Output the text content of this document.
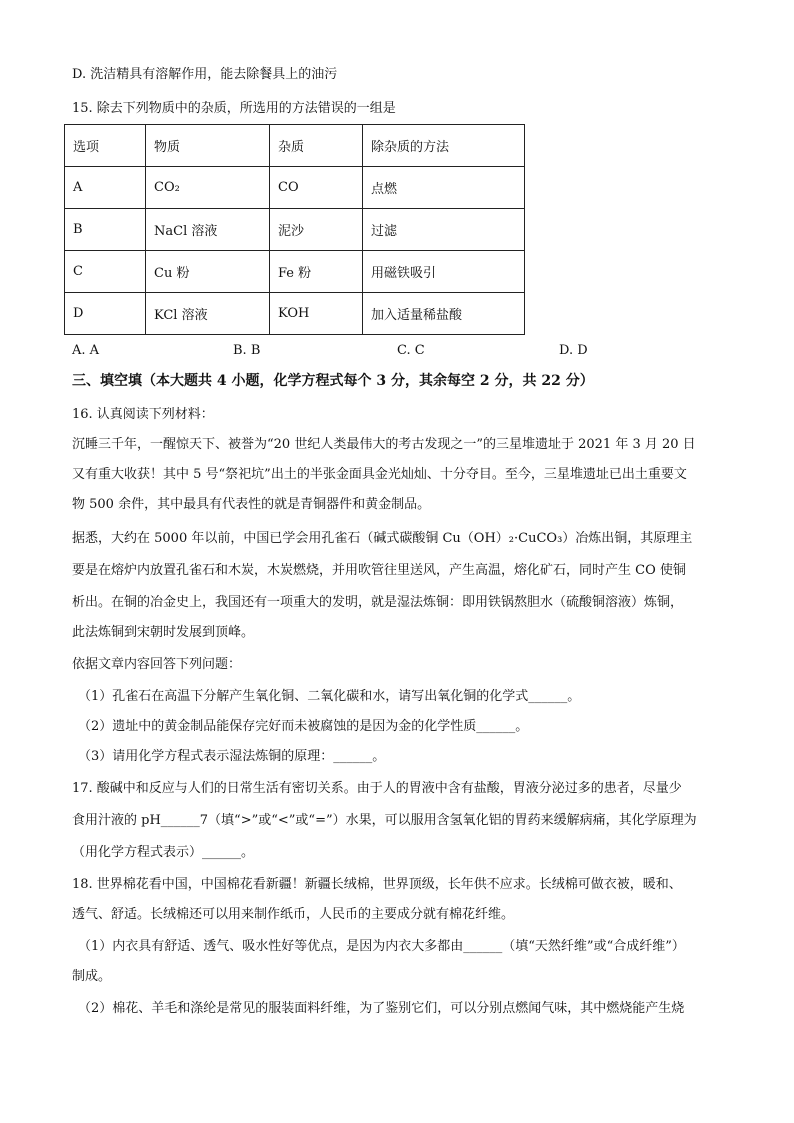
D. 洗洁精具有溶解作用，能去除餐具上的油污
15. 除去下列物质中的杂质，所选用的方法错误的一组是
选项	物质	杂质	除杂质的方法
A	CO₂	CO	点燃
B	NaCl 溶液	泥沙	过滤
C	Cu 粉	Fe 粉	用磁铁吸引
D	KCl 溶液	KOH	加入适量稀盐酸
A. A	B. B	C. C	D. D
三、填空填（本大题共 4 小题，化学方程式每个 3 分，其余每空 2 分，共 22 分）
16. 认真阅读下列材料：
沉睡三千年，一醒惊天下、被誉为“20 世纪人类最伟大的考古发现之一”的三星堆遗址于 2021 年 3 月 20 日
又有重大收获！其中 5 号“祭祀坑”出土的半张金面具金光灿灿、十分夺目。至今，三星堆遗址已出土重要文
物 500 余件，其中最具有代表性的就是青铜器件和黄金制品。
据悉，大约在 5000 年以前，中国已学会用孔雀石（碱式碳酸铜 Cu（OH）₂·CuCO₃）冶炼出铜，其原理主
要是在熔炉内放置孔雀石和木炭，木炭燃烧，并用吹管往里送风，产生高温，熔化矿石，同时产生 CO 使铜
析出。在铜的冶金史上，我国还有一项重大的发明，就是湿法炼铜：即用铁锅熬胆水（硫酸铜溶液）炼铜，
此法炼铜到宋朝时发展到顶峰。
依据文章内容回答下列问题：
（1）孔雀石在高温下分解产生氧化铜、二氧化碳和水，请写出氧化铜的化学式______。
（2）遗址中的黄金制品能保存完好而未被腐蚀的是因为金的化学性质______。
（3）请用化学方程式表示湿法炼铜的原理：______。
17. 酸碱中和反应与人们的日常生活有密切关系。由于人的胃液中含有盐酸，胃液分泌过多的患者，尽量少
食用汁液的 pH______7（填“>”或“<”或“=”）水果，可以服用含氢氧化铝的胃药来缓解病痛，其化学原理为
（用化学方程式表示）______。
18. 世界棉花看中国，中国棉花看新疆！新疆长绒棉，世界顶级，长年供不应求。长绒棉可做衣被，暖和、
透气、舒适。长绒棉还可以用来制作纸币，人民币的主要成分就有棉花纤维。
（1）内衣具有舒适、透气、吸水性好等优点，是因为内衣大多都由______（填“天然纤维”或“合成纤维”）
制成。
（2）棉花、羊毛和涤纶是常见的服装面料纤维，为了鉴别它们，可以分别点燃闻气味，其中燃烧能产生烧
